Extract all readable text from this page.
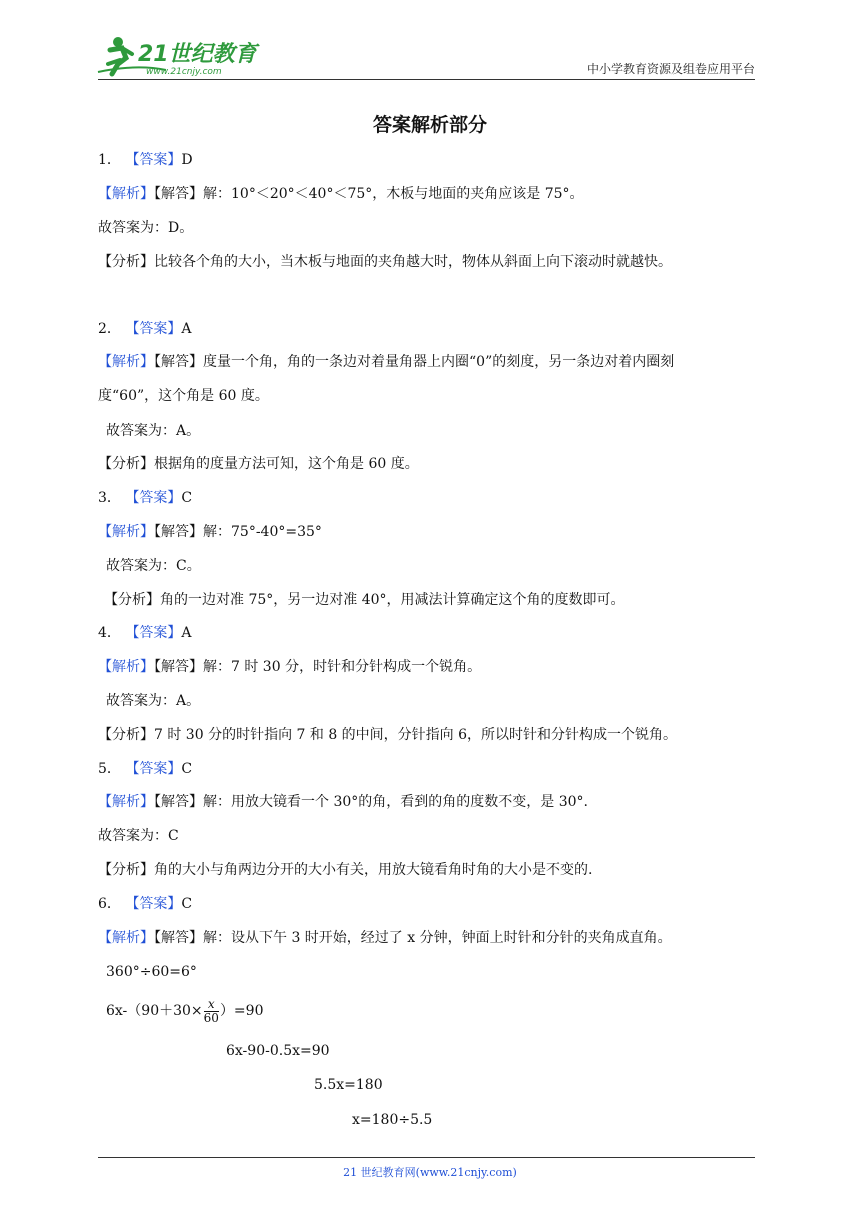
21世纪教育
www.21cnjy.com	中小学教育资源及组卷应用平台
答案解析部分
1． 【答案】D
【解析】【解答】解：10°＜20°＜40°＜75°，木板与地面的夹角应该是 75°。
故答案为：D。
【分析】比较各个角的大小，当木板与地面的夹角越大时，物体从斜面上向下滚动时就越快。
2． 【答案】A
【解析】【解答】度量一个角，角的一条边对着量角器上内圈“0”的刻度，另一条边对着内圈刻
度“60”，这个角是 60 度。
故答案为：A。
【分析】根据角的度量方法可知，这个角是 60 度。
3． 【答案】C
【解析】【解答】解：75°-40°=35°
故答案为：C。
【分析】角的一边对准 75°，另一边对准 40°，用减法计算确定这个角的度数即可。
4． 【答案】A
【解析】【解答】解：7 时 30 分，时针和分针构成一个锐角。
故答案为：A。
【分析】7 时 30 分的时针指向 7 和 8 的中间，分针指向 6，所以时针和分针构成一个锐角。
5． 【答案】C
【解析】【解答】解：用放大镜看一个 30°的角，看到的角的度数不变，是 30°.
故答案为：C
【分析】角的大小与角两边分开的大小有关，用放大镜看角时角的大小是不变的.
6． 【答案】C
【解析】【解答】解：设从下午 3 时开始，经过了 x 分钟，钟面上时针和分针的夹角成直角。
360°÷60=6°
$6x-(90+30\times \frac{x}{60} )=90$
6x-90-0.5x=90
5.5x=180
x=180÷5.5
21 世纪教育网(www.21cnjy.com)
